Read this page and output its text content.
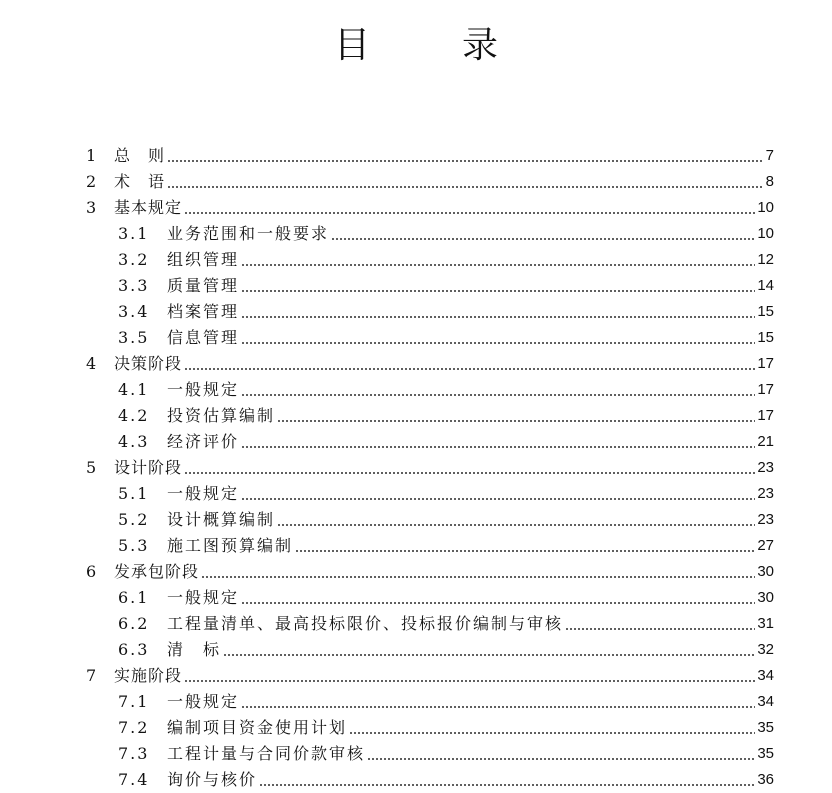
目	录
1	总　则	7
2	术　语	8
3	基本规定	10
3.1	业务范围和一般要求	10
3.2	组织管理	12
3.3	质量管理	14
3.4	档案管理	15
3.5	信息管理	15
4	决策阶段	17
4.1	一般规定	17
4.2	投资估算编制	17
4.3	经济评价	21
5	设计阶段	23
5.1	一般规定	23
5.2	设计概算编制	23
5.3	施工图预算编制	27
6	发承包阶段	30
6.1	一般规定	30
6.2	工程量清单、最高投标限价、投标报价编制与审核	31
6.3	清　标	32
7	实施阶段	34
7.1	一般规定	34
7.2	编制项目资金使用计划	35
7.3	工程计量与合同价款审核	35
7.4	询价与核价	36
